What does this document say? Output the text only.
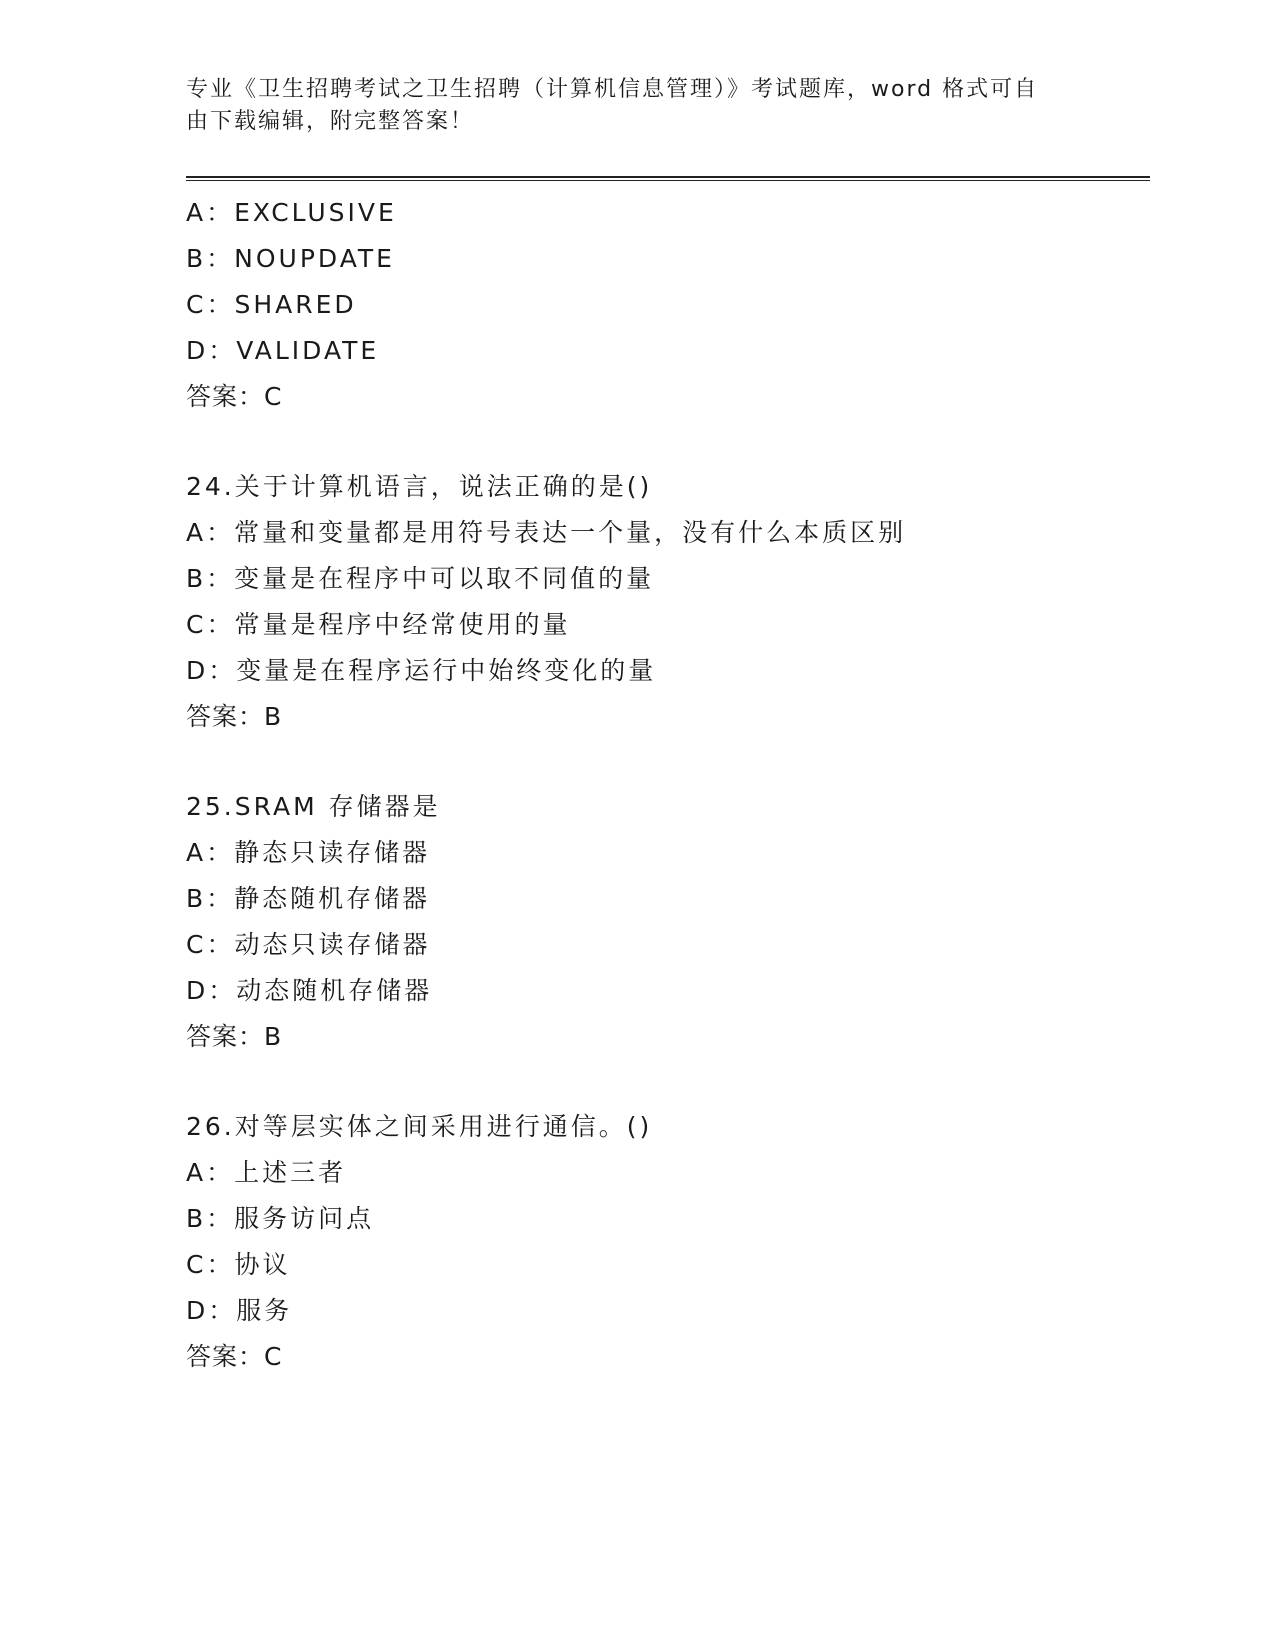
专业《卫生招聘考试之卫生招聘（计算机信息管理）》考试题库，word 格式可自
由下载编辑，附完整答案！
A：EXCLUSIVE
B：NOUPDATE
C：SHARED
D：VALIDATE
答案：C
24.关于计算机语言，说法正确的是()
A：常量和变量都是用符号表达一个量，没有什么本质区别
B：变量是在程序中可以取不同值的量
C：常量是程序中经常使用的量
D：变量是在程序运行中始终变化的量
答案：B
25.SRAM 存储器是
A：静态只读存储器
B：静态随机存储器
C：动态只读存储器
D：动态随机存储器
答案：B
26.对等层实体之间采用进行通信。()
A：上述三者
B：服务访问点
C：协议
D：服务
答案：C
